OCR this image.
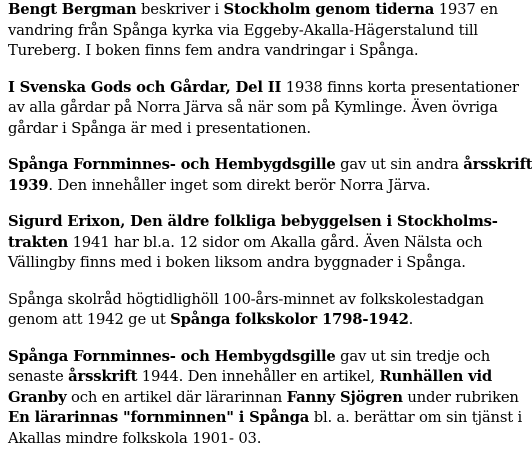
Bengt Bergman beskriver i Stockholm genom tiderna 1937 en
vandring från Spånga kyrka via Eggeby-Akalla-Hägerstalund till
Tureberg. I boken finns fem andra vandringar i Spånga.
I Svenska Gods och Gårdar, Del II 1938 finns korta presentationer
av alla gårdar på Norra Järva så när som på Kymlinge. Även övriga
gårdar i Spånga är med i presentationen.
Spånga Fornminnes- och Hembygdsgille gav ut sin andra årsskrift
1939. Den innehåller inget som direkt berör Norra Järva.
Sigurd Erixon, Den äldre folkliga bebyggelsen i Stockholms-
trakten 1941 har bl.a. 12 sidor om Akalla gård. Även Nälsta och
Vällingby finns med i boken liksom andra byggnader i Spånga.
Spånga skolråd högtidlighöll 100-års-minnet av folkskolestadgan
genom att 1942 ge ut Spånga folkskolor 1798-1942.
Spånga Fornminnes- och Hembygdsgille gav ut sin tredje och
senaste årsskrift 1944. Den innehåller en artikel, Runhällen vid
Granby och en artikel där lärarinnan Fanny Sjögren under rubriken
En lärarinnas "fornminnen" i Spånga bl. a. berättar om sin tjänst i
Akallas mindre folkskola 1901- 03.
